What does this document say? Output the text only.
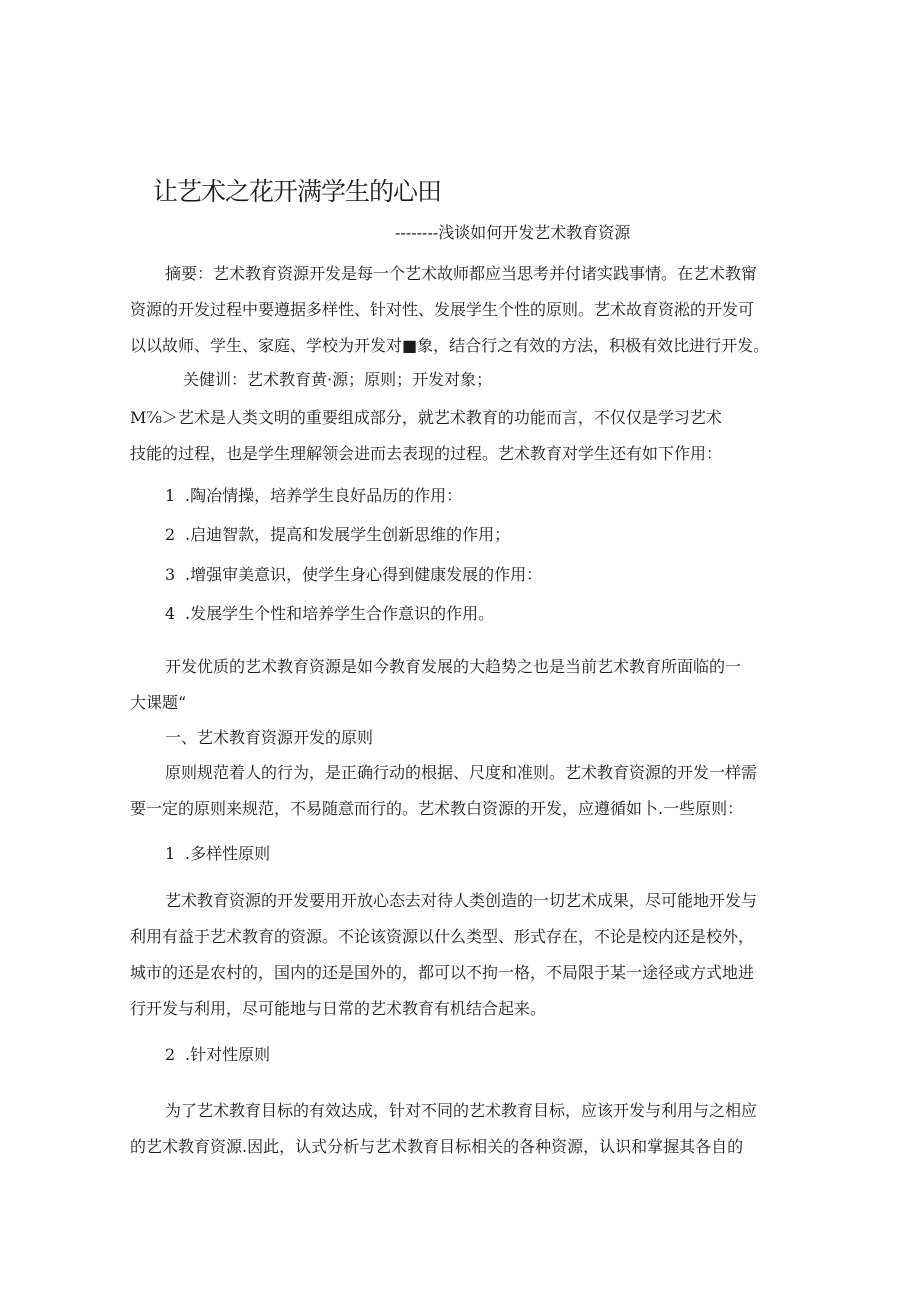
让艺术之花开满学生的心田
--------浅谈如何开发艺术教育资源
摘要：艺术教育资源开发是每一个艺术故师都应当思考并付诸实践事情。在艺术教甯
资源的开发过程中要遵据多样性、针对性、发展学生个性的原则。艺术故育资淞的开发可
以以故师、学生、家庭、学校为开发对■象，结合行之有效的方法，积极有效比进行开发。
关健训：艺术教育黄·源；原则；开发对象；
M⅞＞艺术是人类文明的重要组成部分，就艺术教育的功能而言，不仅仅是学习艺术
技能的过程，也是学生理解领会进而去表现的过程。艺术教育对学生还有如下作用：
1 .陶冶情操，培养学生良好品历的作用：
2 .启迪智款，提高和发展学生创新思维的作用；
3 .增强审美意识，使学生身心得到健康发展的作用：
4 .发展学生个性和培养学生合作意识的作用。
开发优质的艺术教育资源是如今教育发展的大趋势之也是当前艺术教育所面临的一
大课题“
一、艺术教育资源开发的原则
原则规范着人的行为，是正确行动的根据、尺度和准则。艺术教育资源的开发一样需
要一定的原则来规范，不易随意而行的。艺术教白资源的开发，应遵循如卜.一些原则：
1 .多样性原则
艺术教育资源的开发要用开放心态去对待人类创造的一切艺术成果，尽可能地开发与
利用有益于艺术教育的资源。不论该资源以什么类型、形式存在，不论是校内还是校外，
城市的还是农村的，国内的还是国外的，都可以不拘一格，不局限于某一途径或方式地进
行开发与利用，尽可能地与日常的艺术教育有机结合起来。
2 .针对性原则
为了艺术教育目标的有效达成，针对不同的艺术教育目标，应该开发与利用与之相应
的艺术教育资源.因此，认式分析与艺术教育目标相关的各种资源，认识和掌握其各自的
